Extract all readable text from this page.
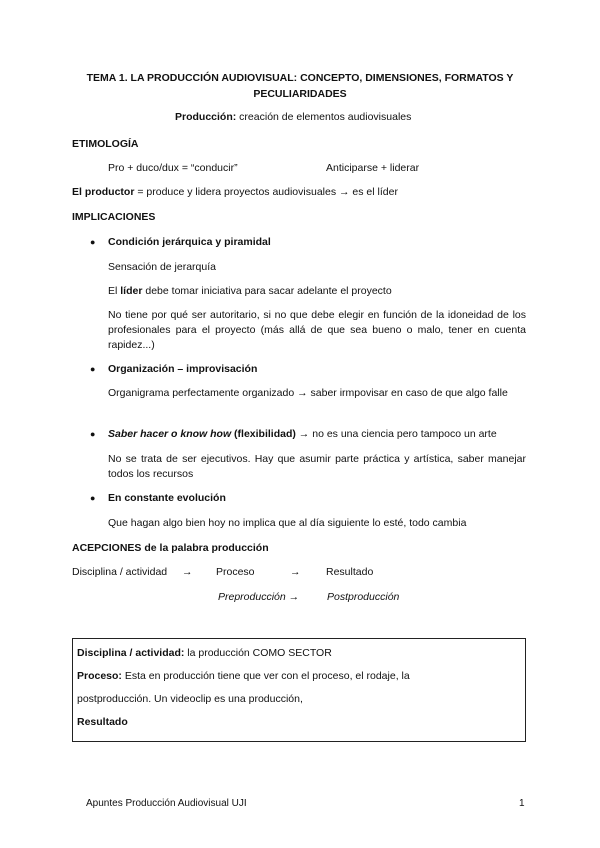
TEMA 1. LA PRODUCCIÓN AUDIOVISUAL: CONCEPTO, DIMENSIONES, FORMATOS Y PECULIARIDADES
Producción: creación de elementos audiovisuales
ETIMOLOGÍA
Pro + duco/dux = “conducir”	Anticiparse + liderar
El productor = produce y lidera proyectos audiovisuales → es el líder
IMPLICACIONES
● Condición jerárquica y piramidal
Sensación de jerarquía
El líder debe tomar iniciativa para sacar adelante el proyecto
No tiene por qué ser autoritario, si no que debe elegir en función de la idoneidad de los profesionales para el proyecto (más allá de que sea bueno o malo, tener en cuenta rapidez...)
● Organización – improvisación
Organigrama perfectamente organizado → saber irmpovisar en caso de que algo falle
● Saber hacer o know how (flexibilidad) → no es una ciencia pero tampoco un arte
No se trata de ser ejecutivos. Hay que asumir parte práctica y artística, saber manejar todos los recursos
● En constante evolución
Que hagan algo bien hoy no implica que al día siguiente lo esté, todo cambia
ACEPCIONES de la palabra producción
Disciplina / actividad → Proceso	→ Resultado
Preproducción →	Postproducción
Disciplina / actividad: la producción COMO SECTOR
Proceso: Esta en producción tiene que ver con el proceso, el rodaje, la
postproducción. Un videoclip es una producción,
Resultado
Apuntes Producción Audiovisual UJI	1
